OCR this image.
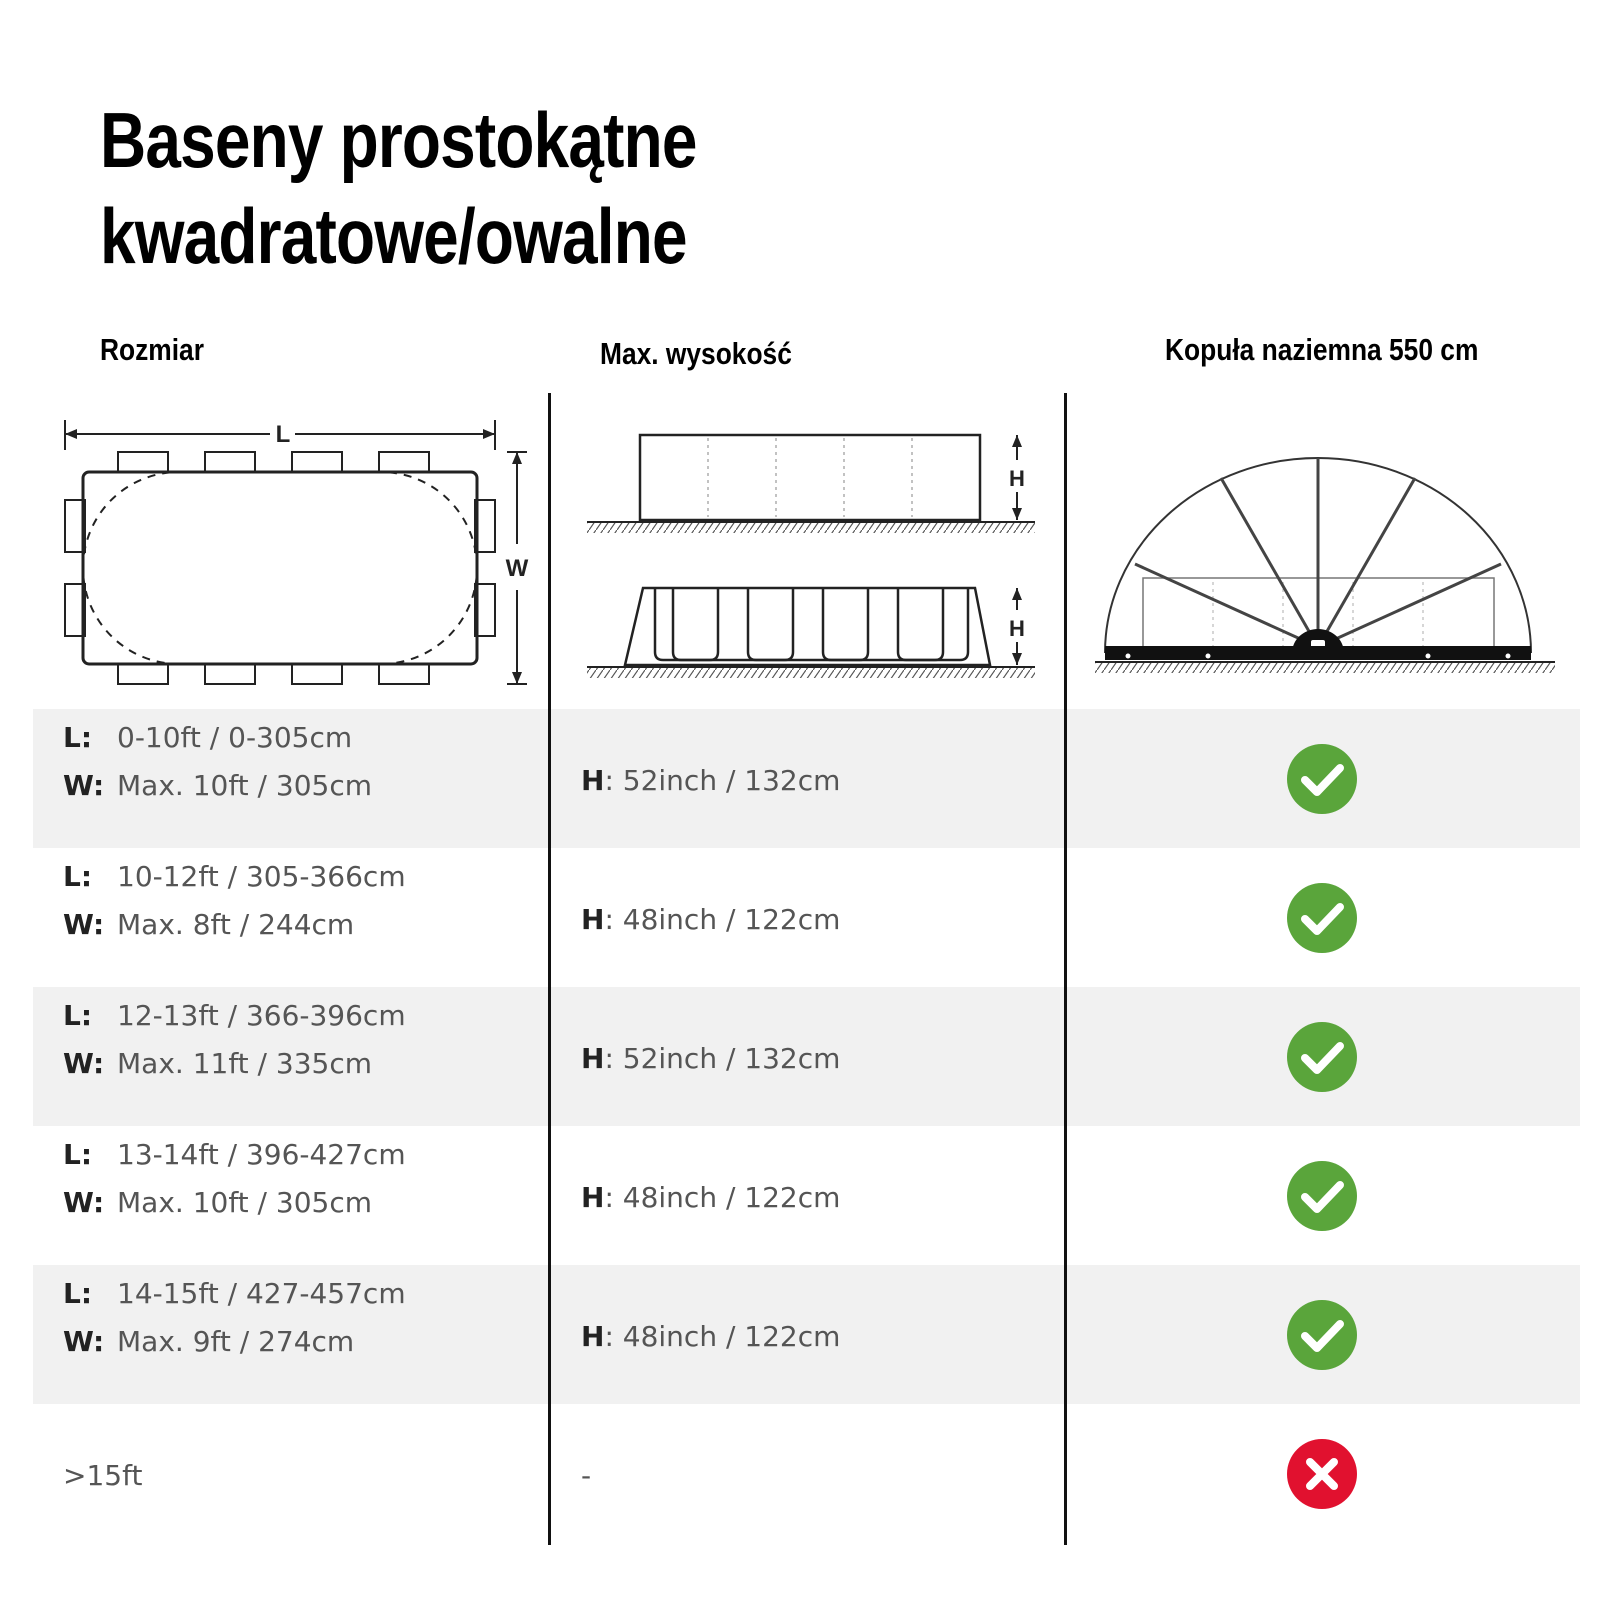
Baseny prostokątne
kwadratowe/owalne
Rozmiar	Max. wysokość	Kopuła naziemna 550 cm
L
W
H
H
L: 0-10ft / 0-305cm
W: Max. 10ft / 305cm	H: 52inch / 132cm
L: 10-12ft / 305-366cm
W: Max. 8ft / 244cm	H: 48inch / 122cm
L: 12-13ft / 366-396cm
W: Max. 11ft / 335cm	H: 52inch / 132cm
L: 13-14ft / 396-427cm
W: Max. 10ft / 305cm	H: 48inch / 122cm
L: 14-15ft / 427-457cm
W: Max. 9ft / 274cm	H: 48inch / 122cm
>15ft	-
